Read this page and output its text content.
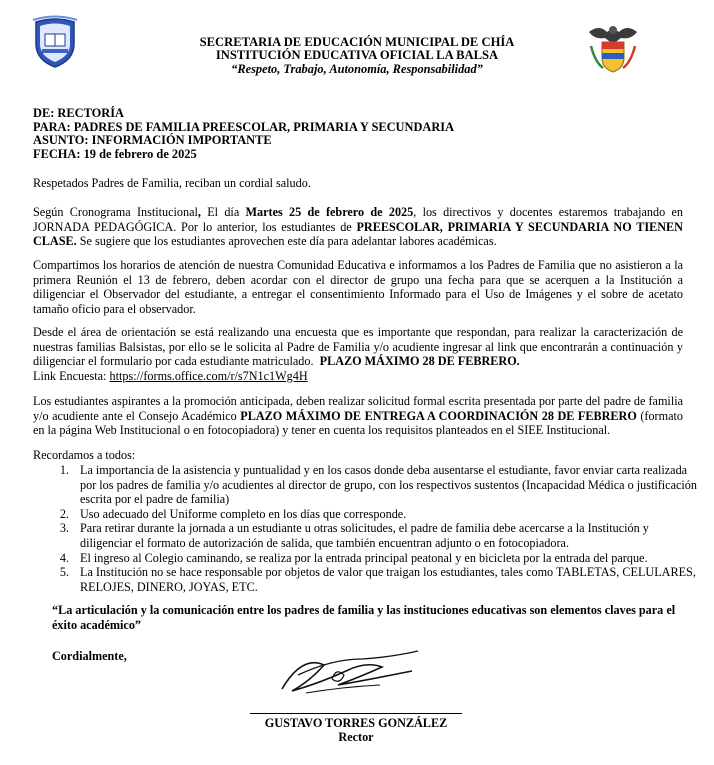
SECRETARIA DE EDUCACIÓN MUNICIPAL DE CHÍA
INSTITUCIÓN EDUCATIVA OFICIAL LA BALSA
“Respeto, Trabajo, Autonomía, Responsabilidad”
DE: RECTORÍA
PARA: PADRES DE FAMILIA PREESCOLAR, PRIMARIA Y SECUNDARIA
ASUNTO: INFORMACIÓN IMPORTANTE
FECHA: 19 de febrero de 2025
Respetados Padres de Familia, reciban un cordial saludo.
Según Cronograma Institucional, El día Martes 25 de febrero de 2025, los directivos y docentes estaremos trabajando en JORNADA PEDAGÓGICA. Por lo anterior, los estudiantes de PREESCOLAR, PRIMARIA Y SECUNDARIA NO TIENEN CLASE. Se sugiere que los estudiantes aprovechen este día para adelantar labores académicas.
Compartimos los horarios de atención de nuestra Comunidad Educativa e informamos a los Padres de Familia que no asistieron a la primera Reunión el 13 de febrero, deben acordar con el director de grupo una fecha para que se acerquen a la Institución a diligenciar el Observador del estudiante, a entregar el consentimiento Informado para el Uso de Imágenes y el sobre de acetato tamaño oficio para el observador.
Desde el área de orientación se está realizando una encuesta que es importante que respondan, para realizar la caracterización de nuestras familias Balsistas, por ello se le solicita al Padre de Familia y/o acudiente ingresar al link que encontrarán a continuación y diligenciar el formulario por cada estudiante matriculado. PLAZO MÁXIMO 28 DE FEBRERO.
Link Encuesta: https://forms.office.com/r/s7N1c1Wg4H
Los estudiantes aspirantes a la promoción anticipada, deben realizar solicitud formal escrita presentada por parte del padre de familia y/o acudiente ante el Consejo Académico PLAZO MÁXIMO DE ENTREGA A COORDINACIÓN 28 DE FEBRERO (formato en la página Web Institucional o en fotocopiadora) y tener en cuenta los requisitos planteados en el SIEE Institucional.
Recordamos a todos:
1. La importancia de la asistencia y puntualidad y en los casos donde deba ausentarse el estudiante, favor enviar carta realizada por los padres de familia y/o acudientes al director de grupo, con los respectivos sustentos (Incapacidad Médica o justificación escrita por el padre de familia)
2. Uso adecuado del Uniforme completo en los días que corresponde.
3. Para retirar durante la jornada a un estudiante u otras solicitudes, el padre de familia debe acercarse a la Institución y diligenciar el formato de autorización de salida, que también encuentran adjunto o en fotocopiadora.
4. El ingreso al Colegio caminando, se realiza por la entrada principal peatonal y en bicicleta por la entrada del parque.
5. La Institución no se hace responsable por objetos de valor que traigan los estudiantes, tales como TABLETAS, CELULARES, RELOJES, DINERO, JOYAS, ETC.
“La articulación y la comunicación entre los padres de familia y las instituciones educativas son elementos claves para el éxito académico”
Cordialmente,
GUSTAVO TORRES GONZÁLEZ
Rector
